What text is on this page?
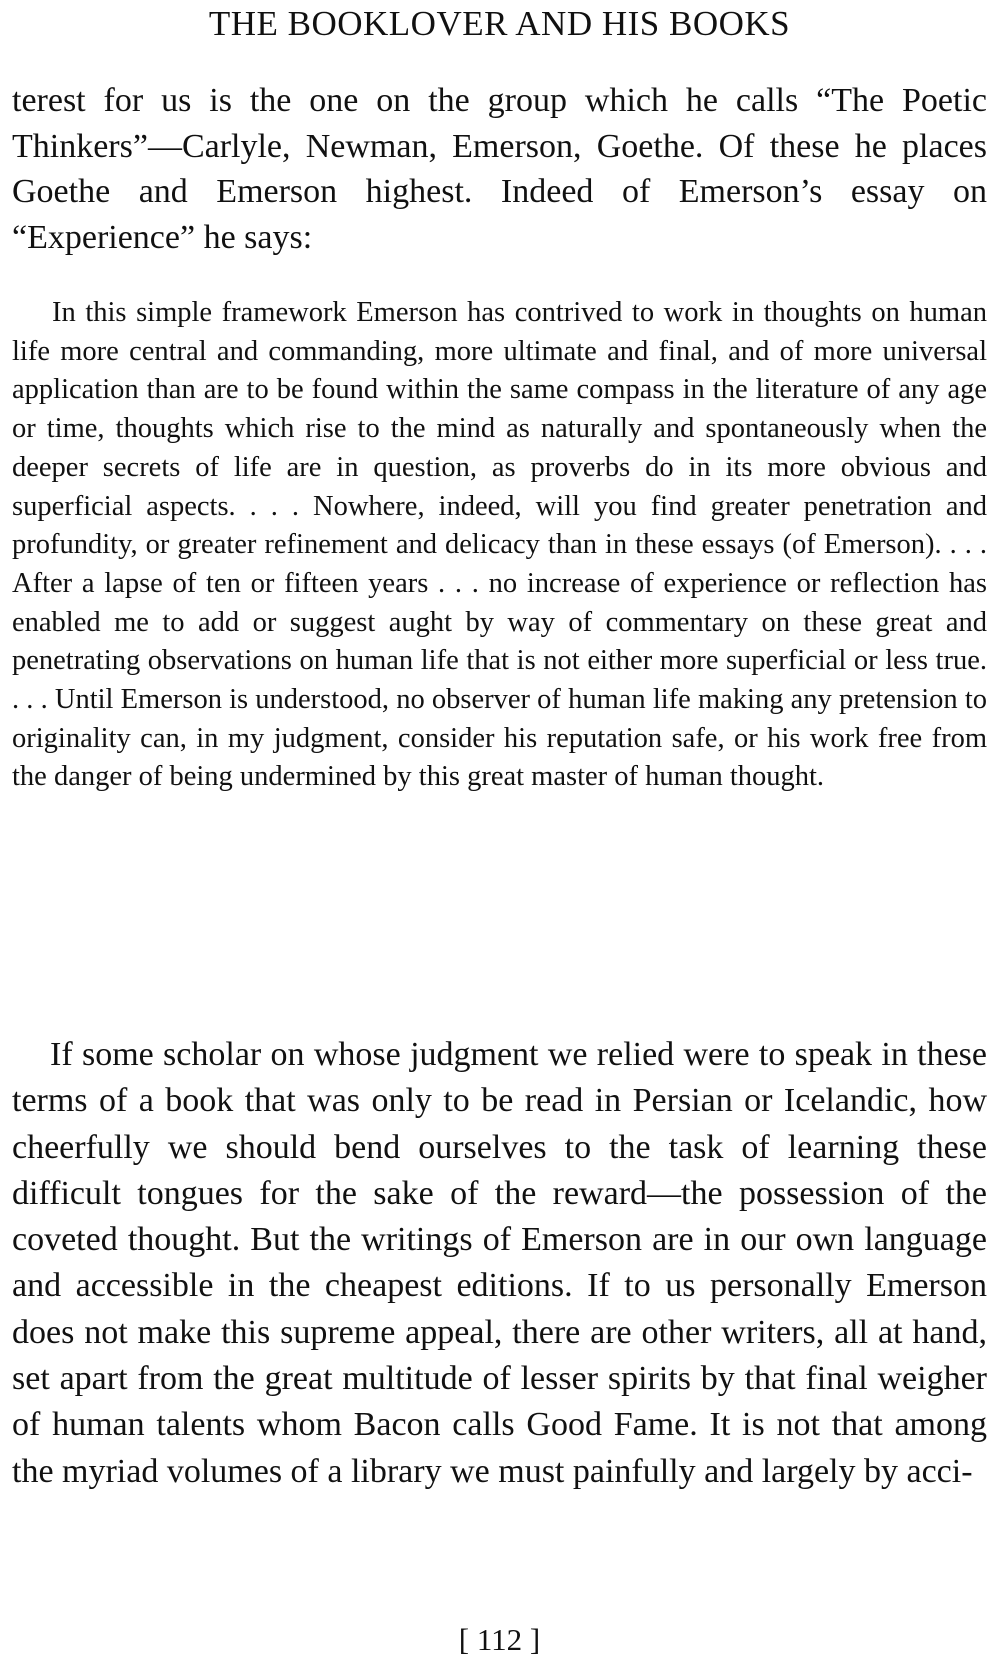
THE BOOKLOVER AND HIS BOOKS

terest for us is the one on the group which he calls “The Poetic Thinkers”—Carlyle, Newman, Emerson, Goethe. Of these he places Goethe and Emerson highest. Indeed of Emerson’s essay on “Experience” he says:

In this simple framework Emerson has contrived to work in thoughts on human life more central and commanding, more ultimate and final, and of more universal application than are to be found within the same compass in the literature of any age or time, thoughts which rise to the mind as naturally and spontaneously when the deeper secrets of life are in question, as proverbs do in its more obvious and superficial aspects. . . . Nowhere, indeed, will you find greater penetration and profundity, or greater refinement and delicacy than in these essays (of Emerson). . . . After a lapse of ten or fifteen years . . . no increase of experience or reflection has enabled me to add or suggest aught by way of commentary on these great and penetrating observations on human life that is not either more superficial or less true. . . . Until Emerson is understood, no observer of human life making any pretension to originality can, in my judgment, consider his reputation safe, or his work free from the danger of being undermined by this great master of human thought.

If some scholar on whose judgment we relied were to speak in these terms of a book that was only to be read in Persian or Icelandic, how cheerfully we should bend ourselves to the task of learning these difficult tongues for the sake of the reward—the possession of the coveted thought. But the writings of Emerson are in our own language and accessible in the cheapest editions. If to us personally Emerson does not make this supreme appeal, there are other writers, all at hand, set apart from the great multitude of lesser spirits by that final weigher of human talents whom Bacon calls Good Fame. It is not that among the myriad volumes of a library we must painfully and largely by acci-

[ 112 ]
